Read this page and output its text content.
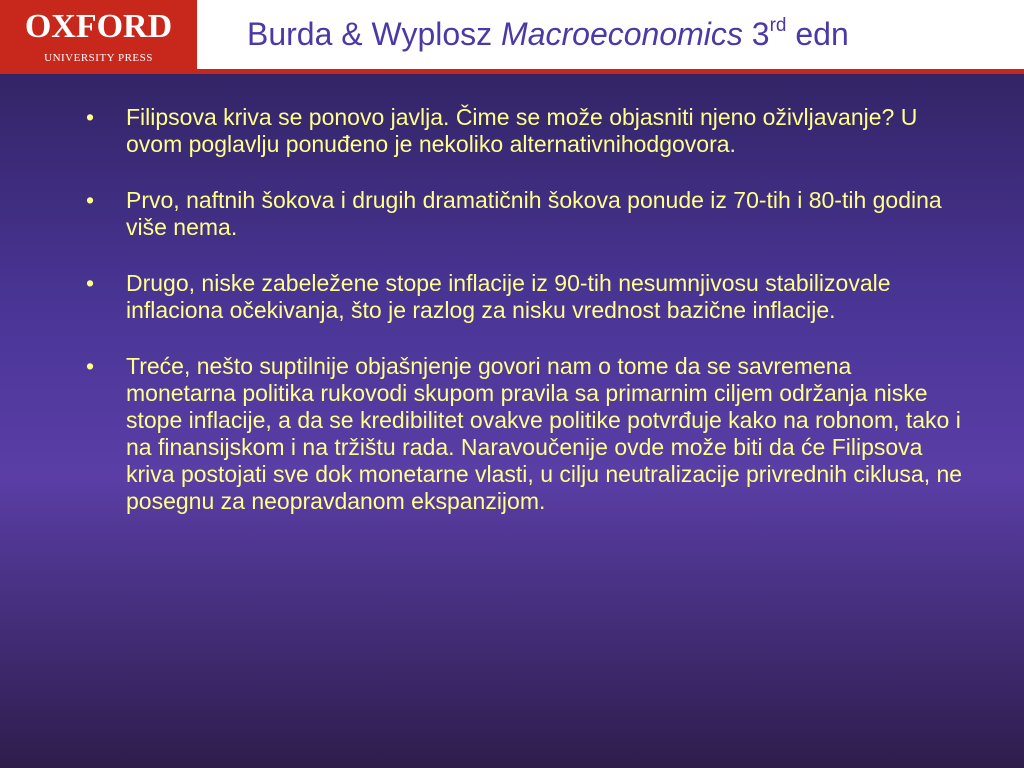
OXFORD
UNIVERSITY PRESS
Burda & Wyplosz Macroeconomics 3rd edn
• Filipsova kriva se ponovo javlja. Čime se može objasniti njeno oživljavanje? U ovom poglavlju ponuđeno je nekoliko alternativnihodgovora.
• Prvo, naftnih šokova i drugih dramatičnih šokova ponude iz 70-tih i 80-tih godina više nema.
• Drugo, niske zabeležene stope inflacije iz 90-tih nesumnjivosu stabilizovale inflaciona očekivanja, što je razlog za nisku vrednost bazične inflacije.
• Treće, nešto suptilnije objašnjenje govori nam o tome da se savremena monetarna politika rukovodi skupom pravila sa primarnim ciljem održanja niske stope inflacije, a da se kredibilitet ovakve politike potvrđuje kako na robnom, tako i na finansijskom i na tržištu rada. Naravoučenije ovde može biti da će Filipsova kriva postojati sve dok monetarne vlasti, u cilju neutralizacije privrednih ciklusa, ne posegnu za neopravdanom ekspanzijom.
